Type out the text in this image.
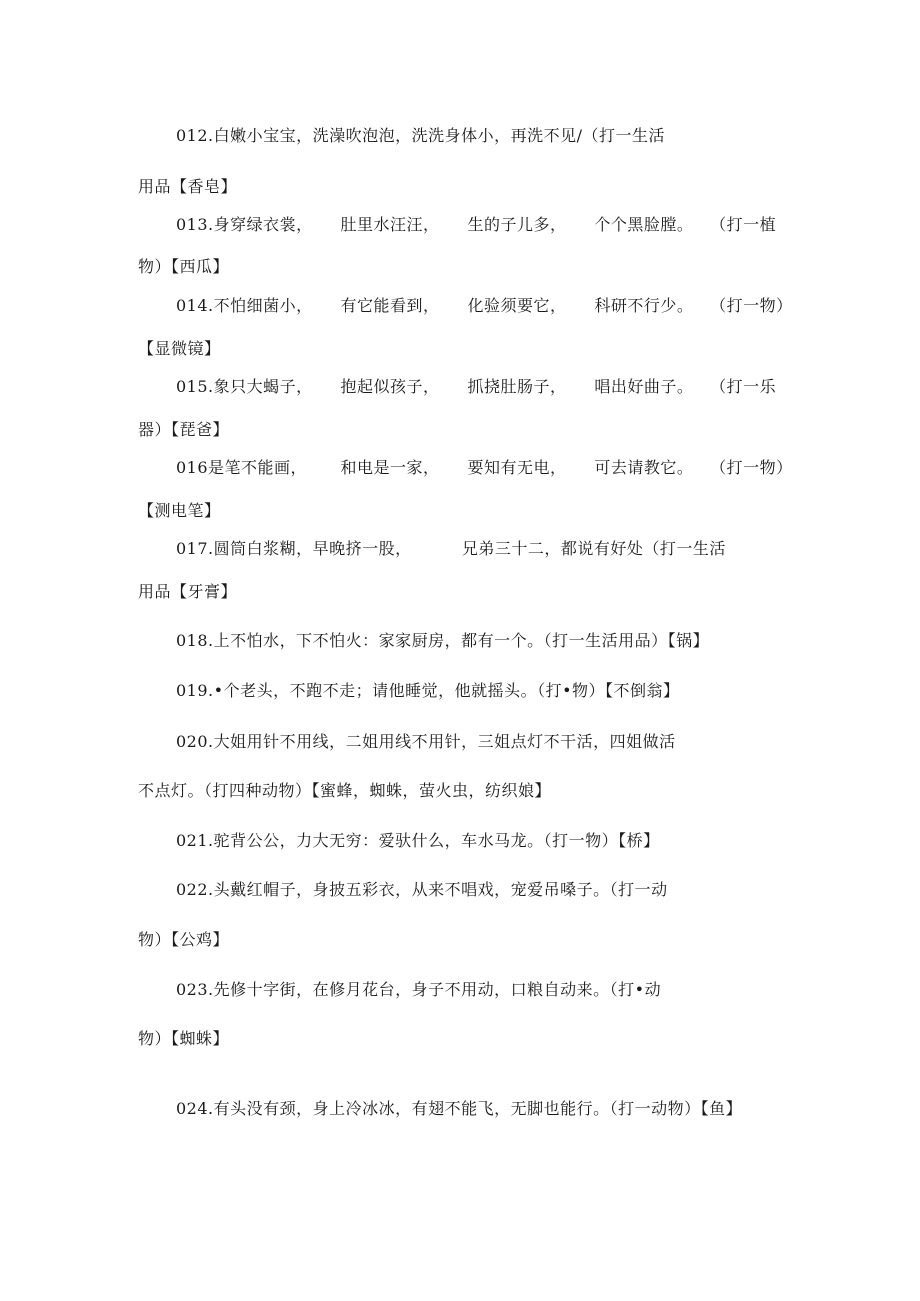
012.白嫩小宝宝，洗澡吹泡泡，洗洗身体小，再洗不见/（打一生活
用品【香皂】
013.身穿绿衣裳，     肚里水汪汪，     生的子儿多，     个个黑脸膛。   （打一植
物）【西瓜】
014.不怕细菌小，     有它能看到，     化验须要它，     科研不行少。   （打一物）
【显微镜】
015.象只大蝎子，     抱起似孩子，     抓挠肚肠子，     唱出好曲子。   （打一乐
器）【琵爸】
016是笔不能画，      和电是一家，     要知有无电，     可去请教它。   （打一物）
【测电笔】
017.圆筒白浆糊，早晚挤一股，         兄弟三十二，都说有好处（打一生活
用品【牙膏】
018.上不怕水，下不怕火：家家厨房，都有一个。（打一生活用品）【锅】
019.•个老头，不跑不走；请他睡觉，他就摇头。（打•物）【不倒翁】
020.大姐用针不用线，二姐用线不用针，三姐点灯不干活，四姐做活
不点灯。（打四种动物）【蜜蜂，蜘蛛，萤火虫，纺织娘】
021.驼背公公，力大无穷：爱驮什么，车水马龙。（打一物）【桥】
022.头戴红帽子，身披五彩衣，从来不唱戏，宠爱吊嗓子。（打一动
物）【公鸡】
023.先修十字街，在修月花台，身子不用动，口粮自动来。（打•动
物）【蜘蛛】
024.有头没有颈，身上冷冰冰，有翅不能飞，无脚也能行。（打一动物）【鱼】
